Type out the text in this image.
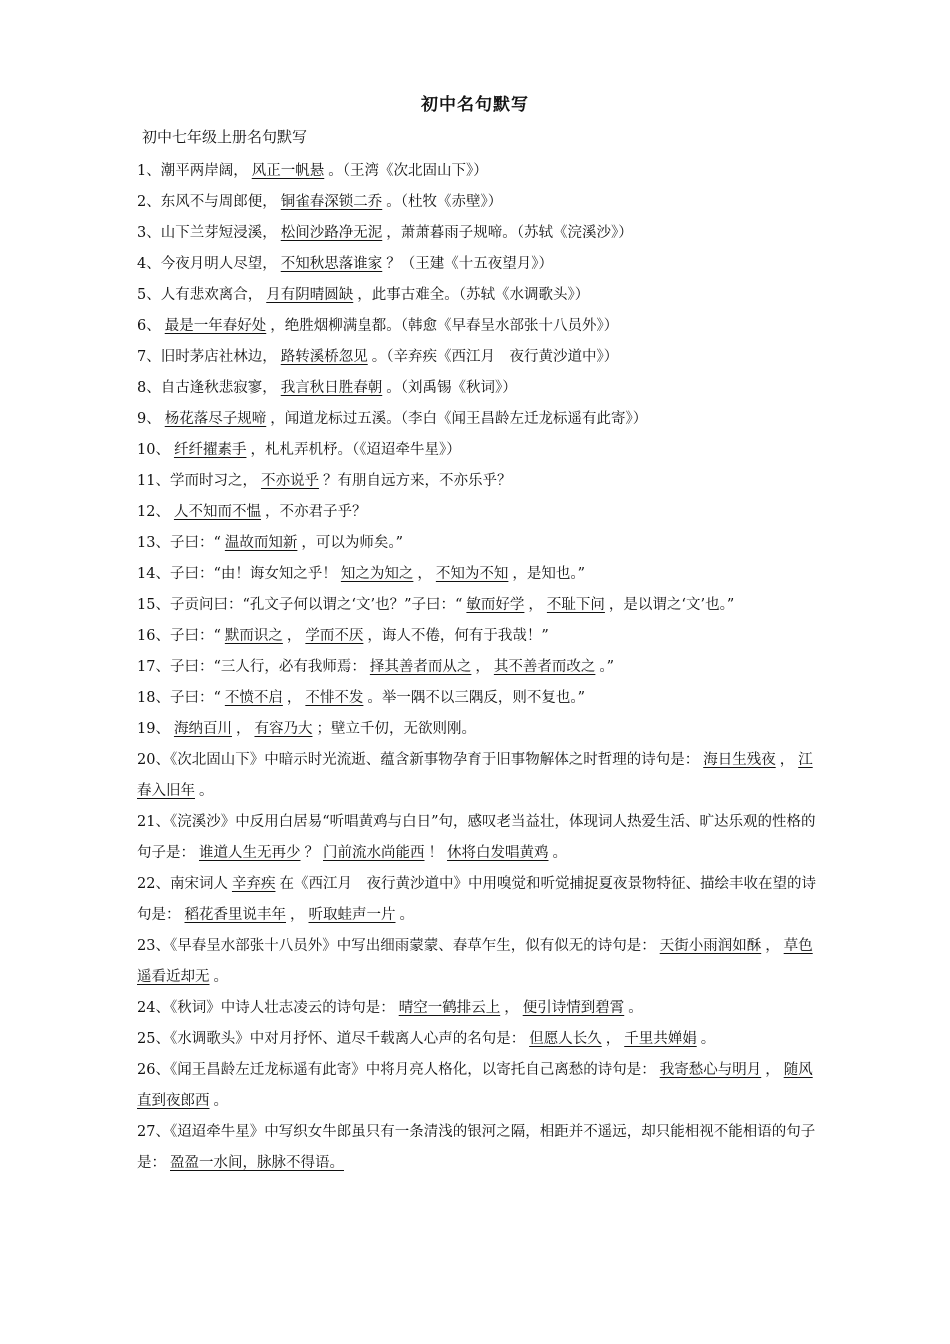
初中名句默写
初中七年级上册名句默写

1、潮平两岸阔， 风正一帆悬 。（王湾《次北固山下》）

2、东风不与周郎便， 铜雀春深锁二乔 。（杜牧《赤壁》）

3、山下兰芽短浸溪， 松间沙路净无泥 ，萧萧暮雨子规啼。（苏轼《浣溪沙》）

4、今夜月明人尽望， 不知秋思落谁家 ？（王建《十五夜望月》）

5、人有悲欢离合， 月有阴晴圆缺 ，此事古难全。（苏轼《水调歌头》）

6、 最是一年春好处 ，绝胜烟柳满皇都。（韩愈《早春呈水部张十八员外》）

7、旧时茅店社林边， 路转溪桥忽见 。（辛弃疾《西江月　夜行黄沙道中》）

8、自古逢秋悲寂寥， 我言秋日胜春朝 。（刘禹锡《秋词》）

9、 杨花落尽子规啼 ，闻道龙标过五溪。（李白《闻王昌龄左迁龙标遥有此寄》）

10、 纤纤擢素手 ，札札弄机杼。（《迢迢牵牛星》）

11、学而时习之， 不亦说乎 ？有朋自远方来，不亦乐乎？

12、 人不知而不愠 ，不亦君子乎？

13、子曰：“ 温故而知新 ，可以为师矣。”

14、子曰：“由！诲女知之乎！ 知之为知之 ， 不知为不知 ，是知也。”

15、子贡问曰：“孔文子何以谓之‘文’也？”子曰：“ 敏而好学 ， 不耻下问 ，是以谓之‘文’也。”

16、子曰：“ 默而识之 ， 学而不厌 ，诲人不倦，何有于我哉！”

17、子曰：“三人行，必有我师焉： 择其善者而从之 ， 其不善者而改之 。”

18、子曰：“ 不愤不启 ， 不悱不发 。举一隅不以三隅反，则不复也。”

19、 海纳百川 ， 有容乃大 ；壁立千仞，无欲则刚。

20、《次北固山下》中暗示时光流逝、蕴含新事物孕育于旧事物解体之时哲理的诗句是： 海日生残夜 ， 江春入旧年 。

21、《浣溪沙》中反用白居易“听唱黄鸡与白日”句，感叹老当益壮，体现词人热爱生活、旷达乐观的性格的句子是： 谁道人生无再少 ？ 门前流水尚能西 ！ 休将白发唱黄鸡 。

22、南宋词人 辛弃疾 在《西江月　夜行黄沙道中》中用嗅觉和听觉捕捉夏夜景物特征、描绘丰收在望的诗句是： 稻花香里说丰年 ， 听取蛙声一片 。

23、《早春呈水部张十八员外》中写出细雨蒙蒙、春草乍生，似有似无的诗句是： 天街小雨润如酥 ， 草色遥看近却无 。

24、《秋词》中诗人壮志凌云的诗句是： 晴空一鹤排云上 ， 便引诗情到碧霄 。

25、《水调歌头》中对月抒怀、道尽千载离人心声的名句是： 但愿人长久 ， 千里共婵娟 。

26、《闻王昌龄左迁龙标遥有此寄》中将月亮人格化，以寄托自己离愁的诗句是： 我寄愁心与明月 ， 随风直到夜郎西 。

27、《迢迢牵牛星》中写织女牛郎虽只有一条清浅的银河之隔，相距并不遥远，却只能相视不能相语的句子是： 盈盈一水间，脉脉不得语。
